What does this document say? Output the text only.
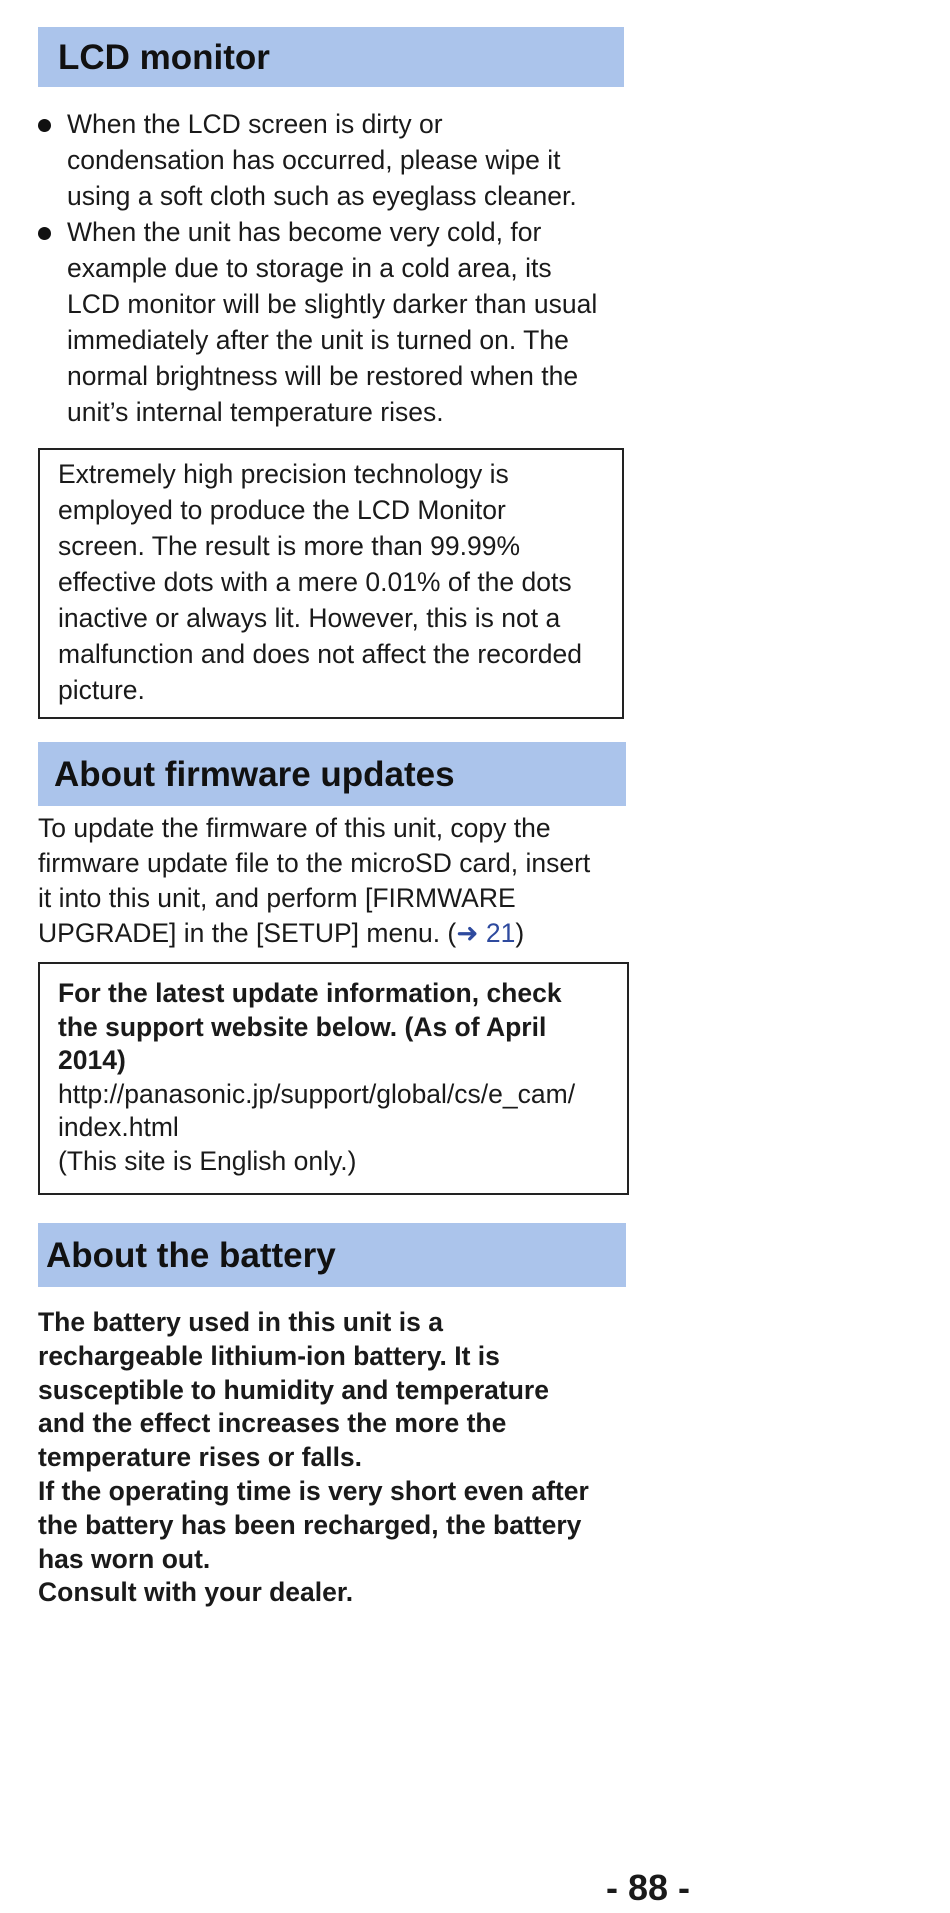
LCD monitor
When the LCD screen is dirty or
condensation has occurred, please wipe it
using a soft cloth such as eyeglass cleaner.
When the unit has become very cold, for
example due to storage in a cold area, its
LCD monitor will be slightly darker than usual
immediately after the unit is turned on. The
normal brightness will be restored when the
unit’s internal temperature rises.
Extremely high precision technology is
employed to produce the LCD Monitor
screen. The result is more than 99.99%
effective dots with a mere 0.01% of the dots
inactive or always lit. However, this is not a
malfunction and does not affect the recorded
picture.
About firmware updates
To update the firmware of this unit, copy the
firmware update file to the microSD card, insert
it into this unit, and perform [FIRMWARE
UPGRADE] in the [SETUP] menu. (➜ 21)
For the latest update information, check
the support website below. (As of April
2014)
http://panasonic.jp/support/global/cs/e_cam/
index.html
(This site is English only.)
About the battery
The battery used in this unit is a
rechargeable lithium-ion battery. It is
susceptible to humidity and temperature
and the effect increases the more the
temperature rises or falls.
If the operating time is very short even after
the battery has been recharged, the battery
has worn out.
Consult with your dealer.
- 88 -
